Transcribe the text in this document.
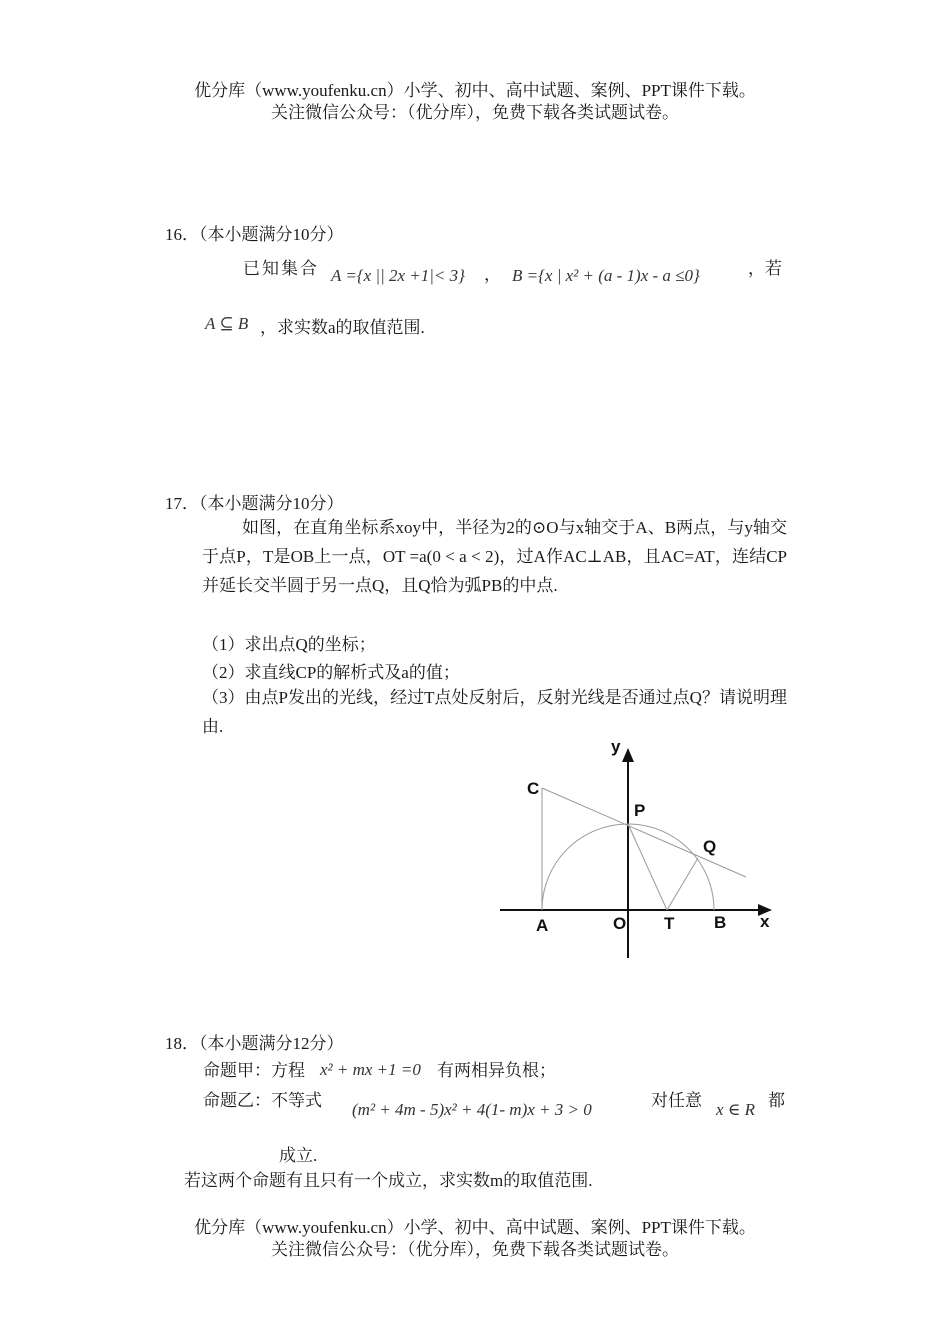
优分库（www.youfenku.cn）小学、初中、高中试题、案例、PPT课件下载。
关注微信公众号：（优分库），免费下载各类试题试卷。
16．（本小题满分10分）
已知集合 A ={x || 2x +1|< 3} ， B ={x | x² + (a - 1)x - a ≤0}	，若
A ⊆ B ，求实数a的取值范围.
17．（本小题满分10分）
如图，在直角坐标系xoy中，半径为2的⊙O与x轴交于A、B两点，与y轴交于点P，T是OB上一点，OT =a(0 < a < 2)，过A作AC⊥AB，且AC=AT，连结CP并延长交半圆于另一点Q，且Q恰为弧PB的中点.
（1）求出点Q的坐标；
（2）求直线CP的解析式及a的值；
（3）由点P发出的光线，经过T点处反射后，反射光线是否通过点Q？请说明理由.
y
x
C
P
Q
A	O T B
18．（本小题满分12分）
命题甲：方程 x² + mx +1 =0 有两相异负根；
命题乙：不等式 (m² + 4m - 5)x² + 4(1- m)x + 3 > 0	对任意 x ∈ R 都
成立.
若这两个命题有且只有一个成立，求实数m的取值范围.
优分库（www.youfenku.cn）小学、初中、高中试题、案例、PPT课件下载。
关注微信公众号：（优分库），免费下载各类试题试卷。
